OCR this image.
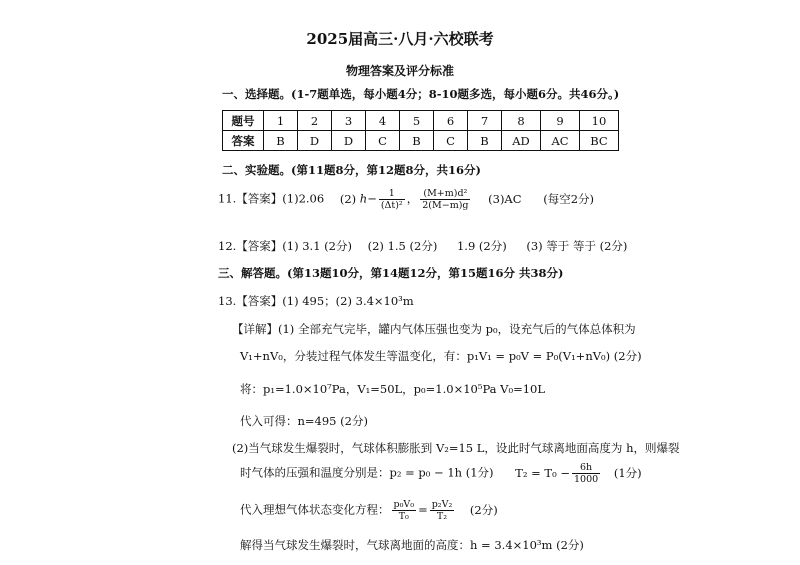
2025届高三·八月·六校联考
物理答案及评分标准
一、选择题。(1-7题单选，每小题4分；8-10题多选，每小题6分。共46分。)
题号	1	2	3	4	5	6	7	8	9	10
答案	B	D	D	C	B	C	B	AD	AC	BC
二、实验题。(第11题8分，第12题8分，共16分)
11.【答案】(1)2.06 (2) $h- \frac{1}{\text{(Δt)²}}$ ， $\frac{\text{(M+m)d²}}{2(M-m)g} (3)AC$ (每空2分)
12.【答案】(1) 3.1 (2分) (2) 1.5 (2分) 1.9 (2分) (3) 等于 等于 (2分)
三、解答题。(第13题10分，第14题12分，第15题16分 共38分)
13.【答案】(1) 495；(2) 3.4×10³m
【详解】(1) 全部充气完毕，罐内气体压强也变为 p₀，设充气后的气体总体积为
V₁+nV₀，分装过程气体发生等温变化，有：p₁V₁ = p₀V = P₀(V₁+nV₀) (2分)
将：p₁=1.0×10⁷Pa，V₁=50L，p₀=1.0×10⁵Pa V₀=10L
代入可得：n=495 (2分)
(2)当气球发生爆裂时，气球体积膨胀到 V₂=15 L，设此时气球离地面高度为 h，则爆裂
时气体的压强和温度分别是：p₂ = p₀ − 1h (1分) $T_2 = T_0 - \frac{6h}{1000} (1$分)
代入理想气体状态变化方程： $\frac{\text{p₀V₀}}{\text{T₀}} = \frac{\text{p₂V₂}}{\text{T₂}} (2$分)
解得当气球发生爆裂时，气球离地面的高度：h = 3.4×10³m (2分)
